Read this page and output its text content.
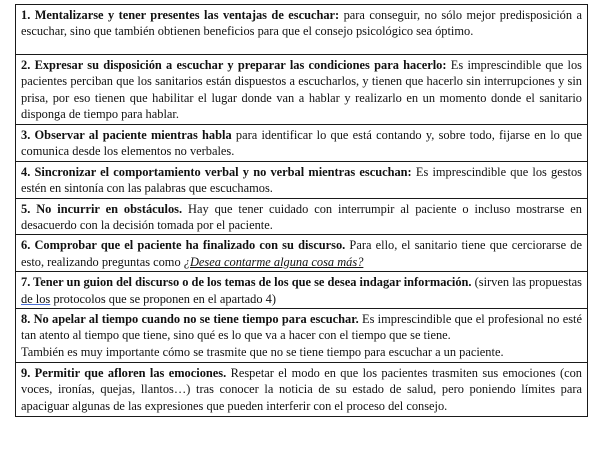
1. Mentalizarse y tener presentes las ventajas de escuchar: para conseguir, no sólo mejor predisposición a escuchar, sino que también obtienen beneficios para que el consejo psicológico sea óptimo.
2. Expresar su disposición a escuchar y preparar las condiciones para hacerlo: Es imprescindible que los pacientes perciban que los sanitarios están dispuestos a escucharlos, y tienen que hacerlo sin interrupciones y sin prisa, por eso tienen que habilitar el lugar donde van a hablar y realizarlo en un momento donde el sanitario disponga de tiempo para hablar.
3. Observar al paciente mientras habla para identificar lo que está contando y, sobre todo, fijarse en lo que comunica desde los elementos no verbales.
4. Sincronizar el comportamiento verbal y no verbal mientras escuchan: Es imprescindible que los gestos estén en sintonía con las palabras que escuchamos.
5. No incurrir en obstáculos. Hay que tener cuidado con interrumpir al paciente o incluso mostrarse en desacuerdo con la decisión tomada por el paciente.
6. Comprobar que el paciente ha finalizado con su discurso. Para ello, el sanitario tiene que cerciorarse de esto, realizando preguntas como ¿Desea contarme alguna cosa más?
7. Tener un guion del discurso o de los temas de los que se desea indagar información. (sirven las propuestas de los protocolos que se proponen en el apartado 4)
8. No apelar al tiempo cuando no se tiene tiempo para escuchar. Es imprescindible que el profesional no esté tan atento al tiempo que tiene, sino qué es lo que va a hacer con el tiempo que se tiene.
También es muy importante cómo se trasmite que no se tiene tiempo para escuchar a un paciente.

9. Permitir que afloren las emociones. Respetar el modo en que los pacientes trasmiten sus emociones (con voces, ironías, quejas, llantos…) tras conocer la noticia de su estado de salud, pero poniendo límites para apaciguar algunas de las expresiones que pueden interferir con el proceso del consejo.
